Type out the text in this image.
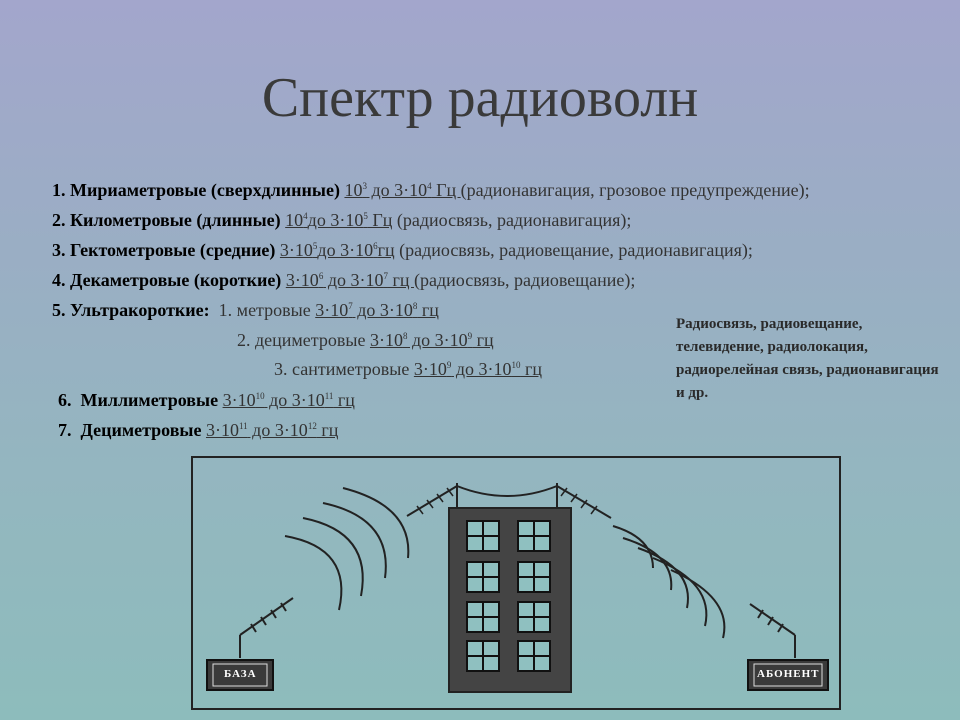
Спектр радиоволн
1. Мириаметровые (сверхдлинные) $10^3$ до $3\cdot 10^4$ Гц (радионавигация, грозовое предупреждение);
2. Километровые (длинные) $10^4до$ $3\cdot 10^5$ Гц (радиосвязь, радионавигация);
3. Гектометровые (средние) $3\cdot 10^5до$ $3\cdot 10^6гц$ (радиосвязь, радиовещание, радионавигация);
4. Декаметровые (короткие) $3\cdot 10^6$ до $3\cdot 10^7$ гц (радиосвязь, радиовещание);
5. Ультракороткие: 1. метровые $3\cdot 10^7$ до $3\cdot 10^8$ гц
2. дециметровые $3\cdot 10^8$ до $3\cdot 10^9$ гц
3. сантиметровые $3\cdot 10^9$ до $3\cdot 10^{10}$ гц
6. Миллиметровые $3\cdot 10^{10}$ до $3\cdot 10^{11}$ гц
7. Дециметровые $3\cdot 10^{11}$ до $3\cdot 10^{12}$ гц
Радиосвязь, радиовещание, телевидение, радиолокация, радиорелейная связь, радионавигация и др.
БАЗА	АБОНЕНТ
